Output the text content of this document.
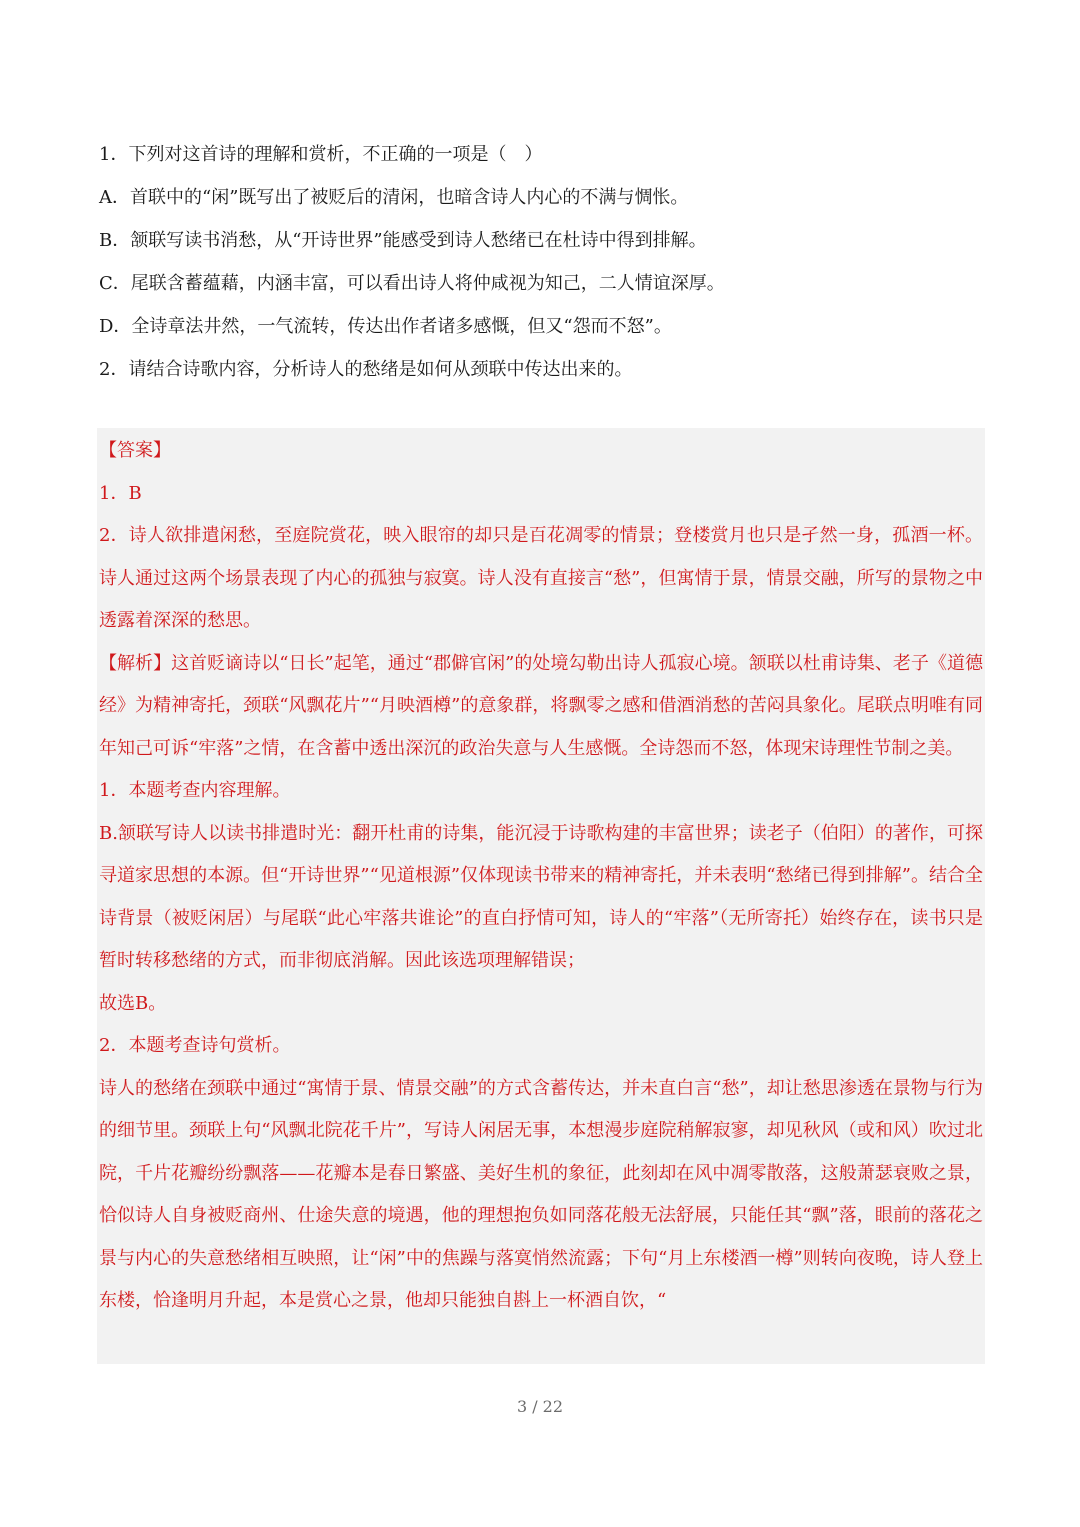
1．下列对这首诗的理解和赏析，不正确的一项是（　）

A．首联中的“闲”既写出了被贬后的清闲，也暗含诗人内心的不满与惆怅。

B．颔联写读书消愁，从“开诗世界”能感受到诗人愁绪已在杜诗中得到排解。

C．尾联含蓄蕴藉，内涵丰富，可以看出诗人将仲咸视为知己，二人情谊深厚。

D．全诗章法井然，一气流转，传达出作者诸多感慨，但又“怨而不怒”。

2．请结合诗歌内容，分析诗人的愁绪是如何从颈联中传达出来的。

【答案】

1．B

2．诗人欲排遣闲愁，至庭院赏花，映入眼帘的却只是百花凋零的情景；登楼赏月也只是孑然一身，孤酒一杯。诗人通过这两个场景表现了内心的孤独与寂寞。诗人没有直接言“愁”，但寓情于景，情景交融，所写的景物之中透露着深深的愁思。

【解析】这首贬谪诗以“日长”起笔，通过“郡僻官闲”的处境勾勒出诗人孤寂心境。颔联以杜甫诗集、老子《道德经》为精神寄托，颈联“风飘花片”“月映酒樽”的意象群，将飘零之感和借酒消愁的苦闷具象化。尾联点明唯有同年知己可诉“牢落”之情，在含蓄中透出深沉的政治失意与人生感慨。全诗怨而不怒，体现宋诗理性节制之美。

1．本题考查内容理解。

B.颔联写诗人以读书排遣时光：翻开杜甫的诗集，能沉浸于诗歌构建的丰富世界；读老子（伯阳）的著作，可探寻道家思想的本源。但“开诗世界”“见道根源”仅体现读书带来的精神寄托，并未表明“愁绪已得到排解”。结合全诗背景（被贬闲居）与尾联“此心牢落共谁论”的直白抒情可知，诗人的“牢落”（无所寄托）始终存在，读书只是暂时转移愁绪的方式，而非彻底消解。因此该选项理解错误；

故选B。

2．本题考查诗句赏析。

诗人的愁绪在颈联中通过“寓情于景、情景交融”的方式含蓄传达，并未直白言“愁”，却让愁思渗透在景物与行为的细节里。颈联上句“风飘北院花千片”，写诗人闲居无事，本想漫步庭院稍解寂寥，却见秋风（或和风）吹过北院，千片花瓣纷纷飘落——花瓣本是春日繁盛、美好生机的象征，此刻却在风中凋零散落，这般萧瑟衰败之景，恰似诗人自身被贬商州、仕途失意的境遇，他的理想抱负如同落花般无法舒展，只能任其“飘”落，眼前的落花之景与内心的失意愁绪相互映照，让“闲”中的焦躁与落寞悄然流露；下句“月上东楼酒一樽”则转向夜晚，诗人登上东楼，恰逢明月升起，本是赏心之景，他却只能独自斟上一杯酒自饮，“

3 / 22
